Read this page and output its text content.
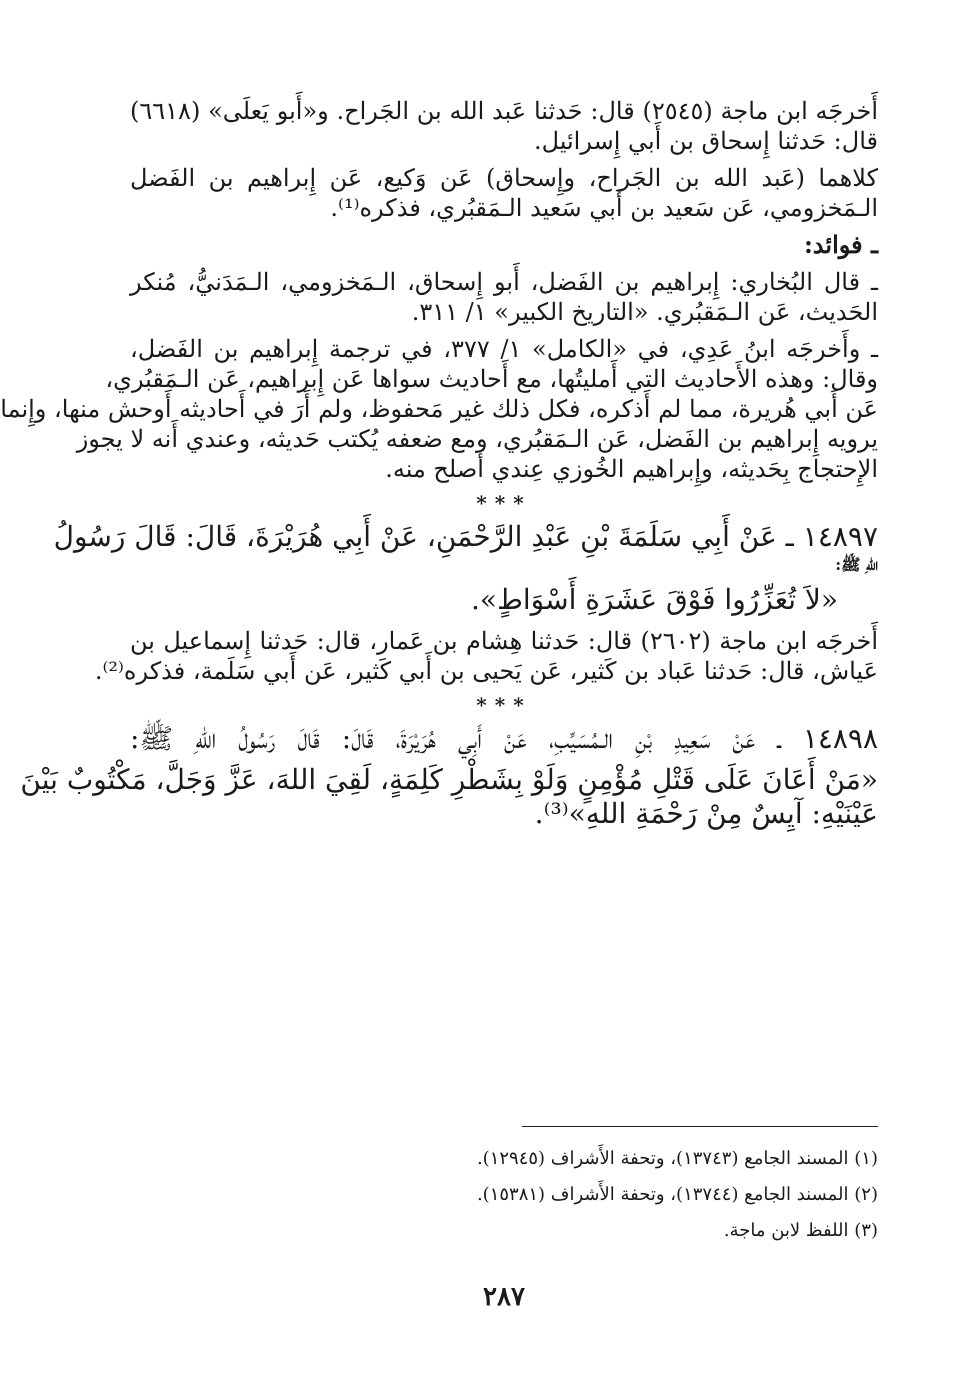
أَخرجَه ابن ماجة (٢٥٤٥) قال: حَدثنا عَبد الله بن الجَراح. و«أَبو يَعلَى» (٦٦١٨)
قال: حَدثنا إِسحاق بن أَبي إِسرائيل.
كلاهما (عَبد الله بن الجَراح، وإِسحاق) عَن وَكيع، عَن إِبراهيم بن الفَضل
الـمَخزومي، عَن سَعيد بن أَبي سَعيد الـمَقبُري، فذكره⁽¹⁾.
ـ فوائد:
ـ قال البُخاري: إِبراهيم بن الفَضل، أَبو إِسحاق، الـمَخزومي، الـمَدَنيُّ، مُنكر
الحَديث، عَن الـمَقبُري. «التاريخ الكبير» ١/ ٣١١.
ـ وأَخرجَه ابنُ عَدِي، في «الكامل» ١/ ٣٧٧، في ترجمة إِبراهيم بن الفَضل،
وقال: وهذه الأَحاديث التي أَمليتُها، مع أَحاديث سواها عَن إِبراهيم، عَن الـمَقبُري،
عَن أَبي هُريرة، مما لم أَذكره، فكل ذلك غير مَحفوظ، ولم أَرَ في أَحاديثه أَوحش منها، وإِنما
يرويه إِبراهيم بن الفَضل، عَن الـمَقبُري، ومع ضعفه يُكتب حَديثه، وعندي أَنه لا يجوز
الإِحتجاج بِحَديثه، وإِبراهيم الخُوزي عِندي أَصلح منه.
***
١٤٨٩٧ ـ عَنْ أَبِي سَلَمَةَ بْنِ عَبْدِ الرَّحْمَنِ، عَنْ أَبِي هُرَيْرَةَ، قَالَ: قَالَ رَسُولُ
اللهِ ﷺ:
«لاَ تُعَزِّرُوا فَوْقَ عَشَرَةِ أَسْوَاطٍ».
أَخرجَه ابن ماجة (٢٦٠٢) قال: حَدثنا هِشام بن عَمار، قال: حَدثنا إِسماعيل بن
عَياش، قال: حَدثنا عَباد بن كَثير، عَن يَحيى بن أَبي كَثير، عَن أَبي سَلَمة، فذكره⁽²⁾.
***
١٤٨٩٨ ـ عَنْ سَعِيدِ بْنِ الـمُسَيِّبِ، عَنْ أَبِي هُرَيْرَةَ، قَالَ: قَالَ رَسُولُ اللهِ ﷺ:
«مَنْ أَعَانَ عَلَى قَتْلِ مُؤْمِنٍ وَلَوْ بِشَطْرِ كَلِمَةٍ، لَقِيَ اللهَ، عَزَّ وَجَلَّ، مَكْتُوبٌ بَيْنَ
عَيْنَيْهِ: آيِسٌ مِنْ رَحْمَةِ اللهِ»⁽³⁾.
(١) المسند الجامع (١٣٧٤٣)، وتحفة الأَشراف (١٢٩٤٥).
(٢) المسند الجامع (١٣٧٤٤)، وتحفة الأَشراف (١٥٣٨١).
(٣) اللفظ لابن ماجة.
٢٨٧
